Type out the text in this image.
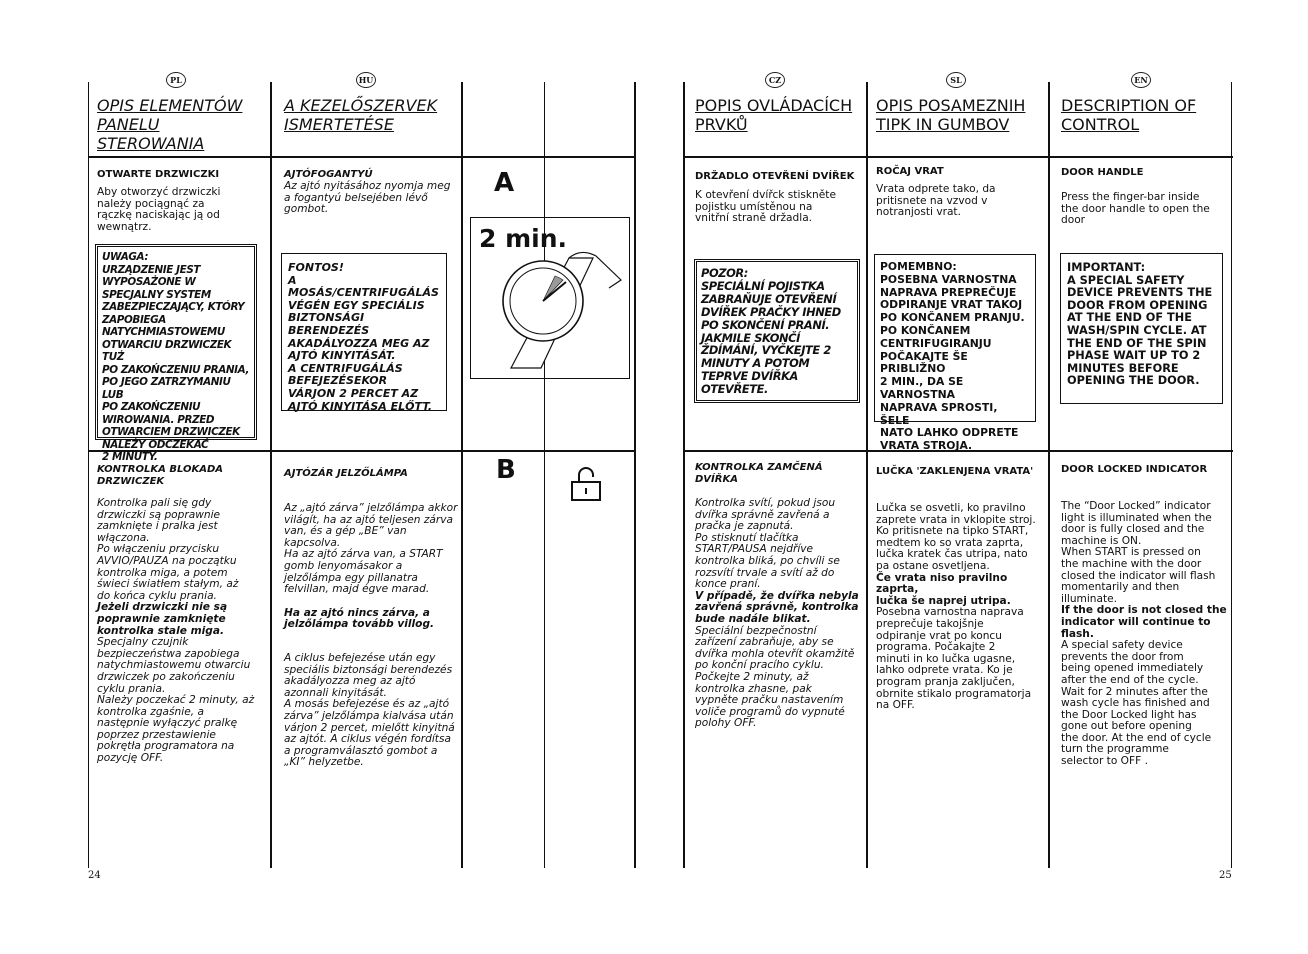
PL	HU	CZ	SL	EN
OPIS ELEMENTÓW PANELU STEROWANIA
A KEZELŐSZERVEK ISMERTETÉSE
POPIS OVLÁDACÍCH PRVKŮ
OPIS POSAMEZNIH TIPK IN GUMBOV
DESCRIPTION OF CONTROL
OTWARTE DRZWICZKI
Aby otworzyć drzwiczki
należy pociągnąć za
rączkę naciskając ją od
wewnątrz.
UWAGA:
URZĄDZENIE JEST
WYPOSAŻONE W
SPECJALNY SYSTEM
ZABEZPIECZAJĄCY, KTÓRY
ZAPOBIEGA
NATYCHMIASTOWEMU
OTWARCIU DRZWICZEK TUŻ
PO ZAKOŃCZENIU PRANIA,
PO JEGO ZATRZYMANIU LUB
PO ZAKOŃCZENIU
WIROWANIA. PRZED
OTWARCIEM DRZWICZEK
NALEŻY ODCZEKAĆ
2 MINUTY.
KONTROLKA BLOKADA
DRZWICZEK
Kontrolka pali się gdy
drzwiczki są poprawnie
zamknięte i pralka jest
włączona.
Po włączeniu przycisku
AVVIO/PAUZA na początku
kontrolka miga, a potem
świeci światłem stałym, aż
do końca cyklu prania.
Jeżeli drzwiczki nie są
poprawnie zamknięte
kontrolka stale miga.
Specjalny czujnik
bezpieczeństwa zapobiega
natychmiastowemu otwarciu
drzwiczek po zakończeniu
cyklu prania.
Należy poczekać 2 minuty, aż
kontrolka zgaśnie, a
następnie wyłączyć pralkę
poprzez przestawienie
pokrętła programatora na
pozycję OFF.
AJTÓFOGANTYÚ
Az ajtó nyitásához nyomja meg
a fogantyú belsejében lévő
gombot.
FONTOS!
A MOSÁS/CENTRIFUGÁLÁS
VÉGÉN EGY SPECIÁLIS
BIZTONSÁGI
BERENDEZÉS
AKADÁLYOZZA MEG AZ
AJTÓ KINYITÁSÁT.
A CENTRIFUGÁLÁS
BEFEJEZÉSEKOR
VÁRJON 2 PERCET AZ
AJTÓ KINYITÁSA ELŐTT.
AJTÓZÁR JELZŐLÁMPA
Az „ajtó zárva” jelzőlámpa akkor
világít, ha az ajtó teljesen zárva
van, és a gép „BE” van
kapcsolva.
Ha az ajtó zárva van, a START
gomb lenyomásakor a
jelzőlámpa egy pillanatra
felvillan, majd égve marad.
Ha az ajtó nincs zárva, a
jelzőlámpa tovább villog.
A ciklus befejezése után egy
speciális biztonsági berendezés
akadályozza meg az ajtó
azonnali kinyitását.
A mosás befejezése és az „ajtó
zárva” jelzőlámpa kialvása után
várjon 2 percet, mielőtt kinyitná
az ajtót. A ciklus végén fordítsa
a programválasztó gombot a
„KI” helyzetbe.
A
2 min.
B
DRŽADLO OTEVŘENÍ DVÍŘEK
K otevření dvířck stiskněte
pojistku umístěnou na
vnitřní straně držadla.
POZOR:
SPECIÁLNÍ POJISTKA
ZABRAŇUJE OTEVŘENÍ
DVÍŘEK PRAČKY IHNED
PO SKONČENÍ PRANÍ.
JAKMILE SKONČÍ
ŽDÍMÁNÍ, VYČKEJTE 2
MINUTY A POTOM
TEPRVE DVÍŘKA
OTEVŘETE.
KONTROLKA ZAMČENÁ
DVÍŘKA
Kontrolka svítí, pokud jsou
dvířka správně zavřená a
pračka je zapnutá.
Po stisknutí tlačítka
START/PAUSA nejdříve
kontrolka bliká, po chvíli se
rozsvítí trvale a svítí až do
konce praní.
V případě, že dvířka nebyla
zavřená správně, kontrolka
bude nadále blikat.
Speciální bezpečnostní
zařízení zabraňuje, aby se
dvířka mohla otevřít okamžitě
po konční pracího cyklu.
Počkejte 2 minuty, až
kontrolka zhasne, pak
vypněte pračku nastavením
voliče programů do vypnuté
polohy OFF.
ROČAJ VRAT
Vrata odprete tako, da
pritisnete na vzvod v
notranjosti vrat.
POMEMBNO:
POSEBNA VARNOSTNA
NAPRAVA PREPREČUJE
ODPIRANJE VRAT TAKOJ
PO KONČANEM PRANJU.
PO KONČANEM
CENTRIFUGIRANJU
POČAKAJTE ŠE PRIBLIŽNO
2 MIN., DA SE VARNOSTNA
NAPRAVA SPROSTI, ŠELE
NATO LAHKO ODPRETE
VRATA STROJA.
LUČKA 'ZAKLENJENA VRATA'
Lučka se osvetli, ko pravilno
zaprete vrata in vklopite stroj.
Ko pritisnete na tipko START,
medtem ko so vrata zaprta,
lučka kratek čas utripa, nato
pa ostane osvetljena.
Če vrata niso pravilno zaprta,
lučka še naprej utripa.
Posebna varnostna naprava
preprečuje takojšnje
odpiranje vrat po koncu
programa. Počakajte 2
minuti in ko lučka ugasne,
lahko odprete vrata. Ko je
program pranja zaključen,
obrnite stikalo programatorja
na OFF.
DOOR HANDLE
Press the finger-bar inside
the door handle to open the
door
IMPORTANT:
A SPECIAL SAFETY
DEVICE PREVENTS THE
DOOR FROM OPENING
AT THE END OF THE
WASH/SPIN CYCLE. AT
THE END OF THE SPIN
PHASE WAIT UP TO 2
MINUTES BEFORE
OPENING THE DOOR.
DOOR LOCKED INDICATOR
The “Door Locked” indicator
light is illuminated when the
door is fully closed and the
machine is ON.
When START is pressed on
the machine with the door
closed the indicator will flash
momentarily and then
illuminate.
If the door is not closed the
indicator will continue to
flash.
A special safety device
prevents the door from
being opened immediately
after the end of the cycle.
Wait for 2 minutes after the
wash cycle has finished and
the Door Locked light has
gone out before opening
the door. At the end of cycle
turn the programme
selector to OFF .
24	25
